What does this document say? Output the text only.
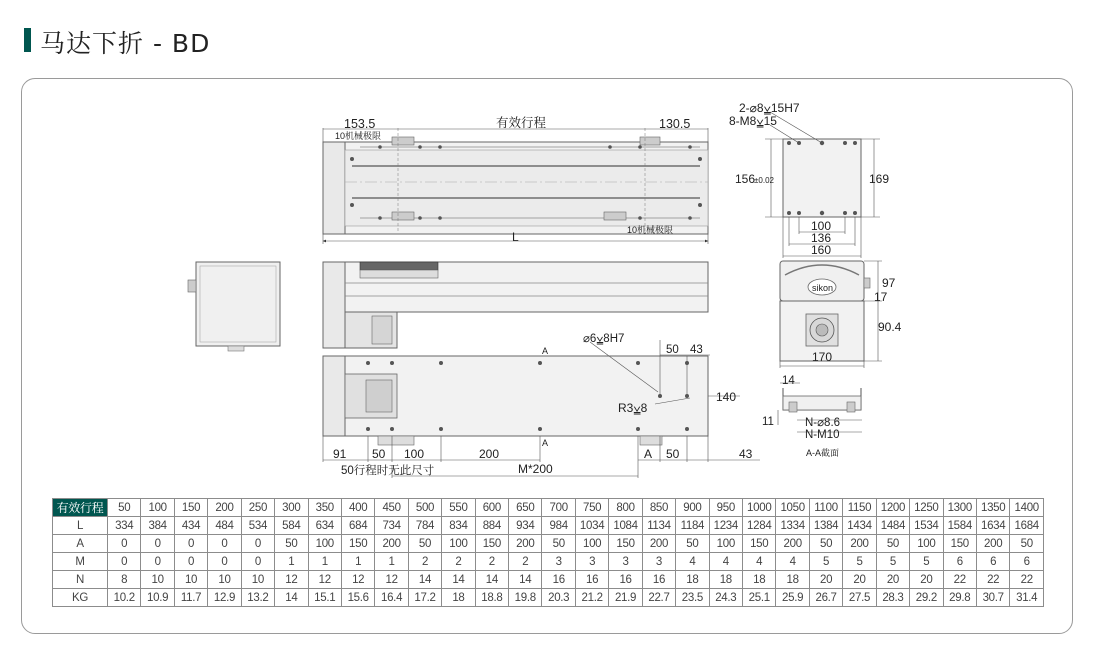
马达下折 - BD
153.5	有效行程	130.5
10机械极限
10机械极限
L
91 50 100	200	A 50	43
50行程时无此尺寸	M*200
A
A
⌀6⩣8H7
50 43
R3⩣8
140
2-⌀8⩣15H7
8-M8⩣15
156
±0.02	169
100
136
160
sikon	97
17
90.4
170
14
11	N-⌀8.6
N-M10
A-A截面
有效行程	50	100	150	200	250	300	350	400	450	500	550	600	650	700	750	800	850	900	950	1000	1050	1100	1150	1200	1250	1300	1350	1400
L	334	384	434	484	534	584	634	684	734	784	834	884	934	984	1034	1084	1134	1184	1234	1284	1334	1384	1434	1484	1534	1584	1634	1684
A	0	0	0	0	0	50	100	150	200	50	100	150	200	50	100	150	200	50	100	150	200	50	200	50	100	150	200	50
M	0	0	0	0	0	1	1	1	1	2	2	2	2	3	3	3	3	4	4	4	4	5	5	5	5	6	6	6
N	8	10	10	10	10	12	12	12	12	14	14	14	14	16	16	16	16	18	18	18	18	20	20	20	20	22	22	22
KG	10.2	10.9	11.7	12.9	13.2	14	15.1	15.6	16.4	17.2	18	18.8	19.8	20.3	21.2	21.9	22.7	23.5	24.3	25.1	25.9	26.7	27.5	28.3	29.2	29.8	30.7	31.4
